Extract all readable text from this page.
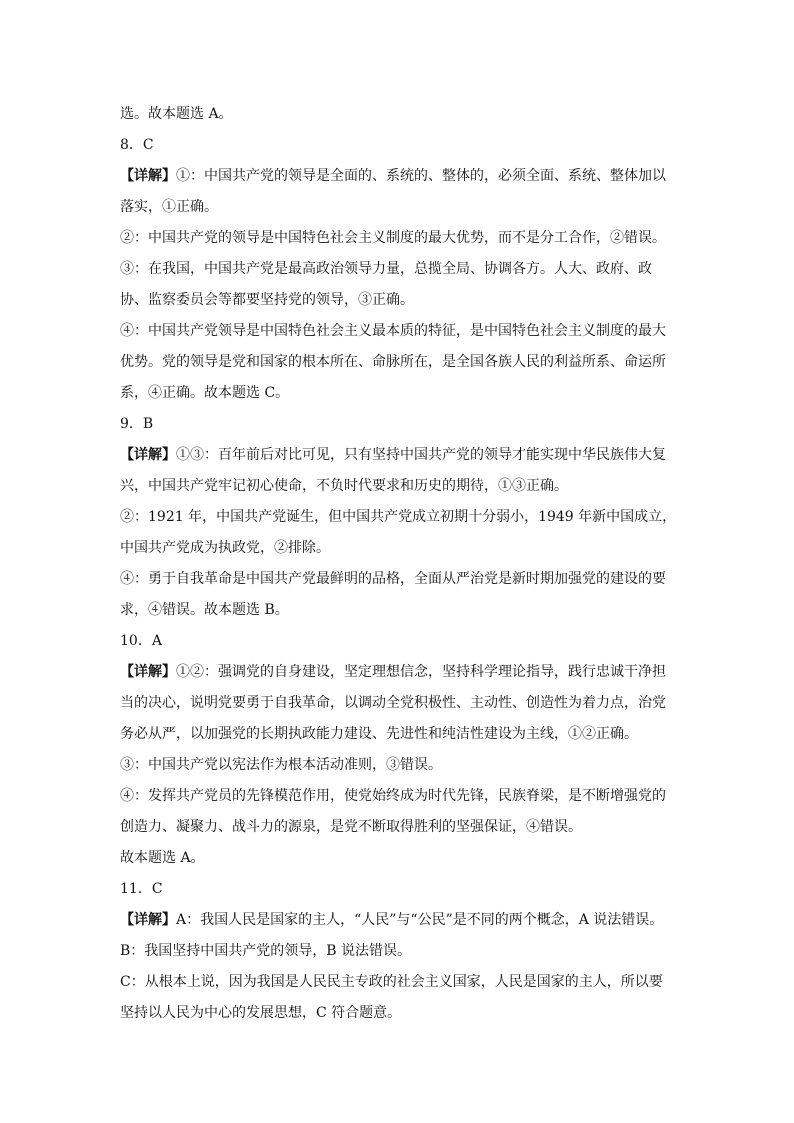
选。故本题选 A。
8．C
【详解】①：中国共产党的领导是全面的、系统的、整体的，必须全面、系统、整体加以
落实，①正确。
②：中国共产党的领导是中国特色社会主义制度的最大优势，而不是分工合作，②错误。
③：在我国，中国共产党是最高政治领导力量，总揽全局、协调各方。人大、政府、政
协、监察委员会等都要坚持党的领导，③正确。
④：中国共产党领导是中国特色社会主义最本质的特征，是中国特色社会主义制度的最大
优势。党的领导是党和国家的根本所在、命脉所在，是全国各族人民的利益所系、命运所
系，④正确。故本题选 C。
9．B
【详解】①③：百年前后对比可见，只有坚持中国共产党的领导才能实现中华民族伟大复
兴，中国共产党牢记初心使命，不负时代要求和历史的期待，①③正确。
②：1921 年，中国共产党诞生，但中国共产党成立初期十分弱小，1949 年新中国成立，
中国共产党成为执政党，②排除。
④：勇于自我革命是中国共产党最鲜明的品格，全面从严治党是新时期加强党的建设的要
求，④错误。故本题选 B。
10．A
【详解】①②：强调党的自身建设，坚定理想信念，坚持科学理论指导，践行忠诚干净担
当的决心，说明党要勇于自我革命，以调动全党积极性、主动性、创造性为着力点，治党
务必从严，以加强党的长期执政能力建设、先进性和纯洁性建设为主线，①②正确。
③：中国共产党以宪法作为根本活动准则，③错误。
④：发挥共产党员的先锋模范作用，使党始终成为时代先锋，民族脊梁，是不断增强党的
创造力、凝聚力、战斗力的源泉，是党不断取得胜利的坚强保证，④错误。
故本题选 A。
11．C
【详解】A：我国人民是国家的主人，“人民”与“公民”是不同的两个概念，A 说法错误。
B：我国坚持中国共产党的领导，B 说法错误。
C：从根本上说，因为我国是人民民主专政的社会主义国家，人民是国家的主人，所以要
坚持以人民为中心的发展思想，C 符合题意。
